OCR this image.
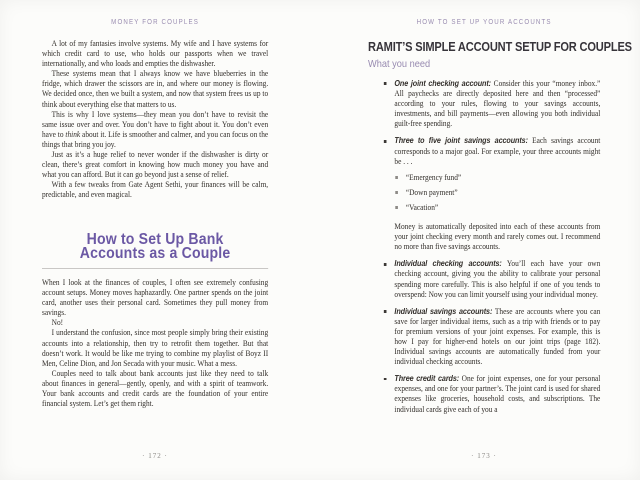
MONEY FOR COUPLES

A lot of my fantasies involve systems. My wife and I have systems for which credit card to use, who holds our passports when we travel internationally, and who loads and empties the dishwasher.

These systems mean that I always know we have blueberries in the fridge, which drawer the scissors are in, and where our money is flowing. We decided once, then we built a system, and now that system frees us up to think about everything else that matters to us.

This is why I love systems—they mean you don’t have to revisit the same issue over and over. You don’t have to fight about it. You don’t even have to think about it. Life is smoother and calmer, and you can focus on the things that bring you joy.

Just as it’s a huge relief to never wonder if the dishwasher is dirty or clean, there’s great comfort in knowing how much money you have and what you can afford. But it can go beyond just a sense of relief.

With a few tweaks from Gate Agent Sethi, your finances will be calm, predictable, and even magical.

How to Set Up Bank
Accounts as a Couple

When I look at the finances of couples, I often see extremely confusing account setups. Money moves haphazardly. One partner spends on the joint card, another uses their personal card. Sometimes they pull money from savings.

No!

I understand the confusion, since most people simply bring their existing accounts into a relationship, then try to retrofit them together. But that doesn’t work. It would be like me trying to combine my playlist of Boyz II Men, Celine Dion, and Jon Secada with your music. What a mess.

Couples need to talk about bank accounts just like they need to talk about finances in general—gently, openly, and with a spirit of teamwork. Your bank accounts and credit cards are the foundation of your entire financial system. Let’s get them right.

· 172 ·
HOW TO SET UP YOUR ACCOUNTS
RAMIT’S SIMPLE ACCOUNT SETUP FOR COUPLES
What you need

One joint checking account: Consider this your “money inbox.” All paychecks are directly deposited here and then “processed” according to your rules, flowing to your savings accounts, investments, and bill payments—even allowing you both individual guilt-free spending.

Three to five joint savings accounts: Each savings account corresponds to a major goal. For example, your three accounts might be . . .

“Emergency fund”
“Down payment”
“Vacation”

Money is automatically deposited into each of these accounts from your joint checking every month and rarely comes out. I recommend no more than five savings accounts.

Individual checking accounts: You’ll each have your own checking account, giving you the ability to calibrate your personal spending more carefully. This is also helpful if one of you tends to overspend: Now you can limit yourself using your individual money.

Individual savings accounts: These are accounts where you can save for larger individual items, such as a trip with friends or to pay for premium versions of your joint expenses. For example, this is how I pay for higher-end hotels on our joint trips (page 182). Individual savings accounts are automatically funded from your individual checking accounts.

Three credit cards: One for joint expenses, one for your personal expenses, and one for your partner’s. The joint card is used for shared expenses like groceries, household costs, and subscriptions. The individual cards give each of you a

· 173 ·
